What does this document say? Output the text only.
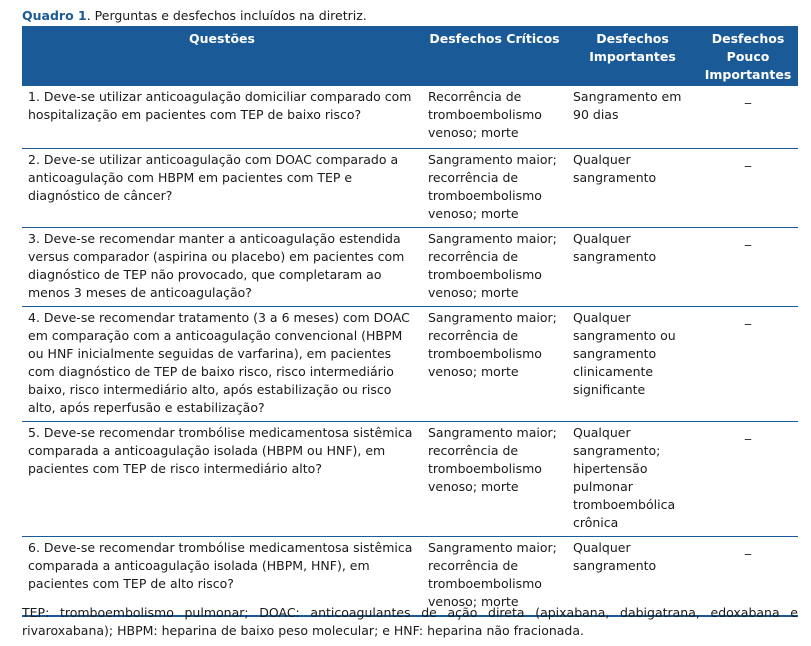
Quadro 1. Perguntas e desfechos incluídos na diretriz.
Questões	Desfechos Críticos	Desfechos Importantes	Desfechos Pouco Importantes
1. Deve-se utilizar anticoagulação domiciliar comparado com hospitalização em pacientes com TEP de baixo risco?	Recorrência de tromboembolismo venoso; morte	Sangramento em 90 dias	_
2. Deve-se utilizar anticoagulação com DOAC comparado a anticoagulação com HBPM em pacientes com TEP e diagnóstico de câncer?	Sangramento maior; recorrência de tromboembolismo venoso; morte	Qualquer sangramento	_
3. Deve-se recomendar manter a anticoagulação estendida versus comparador (aspirina ou placebo) em pacientes com diagnóstico de TEP não provocado, que completaram ao menos 3 meses de anticoagulação?	Sangramento maior; recorrência de tromboembolismo venoso; morte	Qualquer sangramento	_
4. Deve-se recomendar tratamento (3 a 6 meses) com DOAC em comparação com a anticoagulação convencional (HBPM ou HNF inicialmente seguidas de varfarina), em pacientes com diagnóstico de TEP de baixo risco, risco intermediário baixo, risco intermediário alto, após estabilização ou risco alto, após reperfusão e estabilização?	Sangramento maior; recorrência de tromboembolismo venoso; morte	Qualquer sangramento ou sangramento clinicamente significante	_
5. Deve-se recomendar trombólise medicamentosa sistêmica comparada a anticoagulação isolada (HBPM ou HNF), em pacientes com TEP de risco intermediário alto?	Sangramento maior; recorrência de tromboembolismo venoso; morte	Qualquer sangramento; hipertensão pulmonar tromboembólica crônica	_
6. Deve-se recomendar trombólise medicamentosa sistêmica comparada a anticoagulação isolada (HBPM, HNF), em pacientes com TEP de alto risco?	Sangramento maior; recorrência de tromboembolismo venoso; morte	Qualquer sangramento	_
TEP: tromboembolismo pulmonar; DOAC: anticoagulantes de ação direta (apixabana, dabigatrana, edoxabana e rivaroxabana); HBPM: heparina de baixo peso molecular; e HNF: heparina não fracionada.
